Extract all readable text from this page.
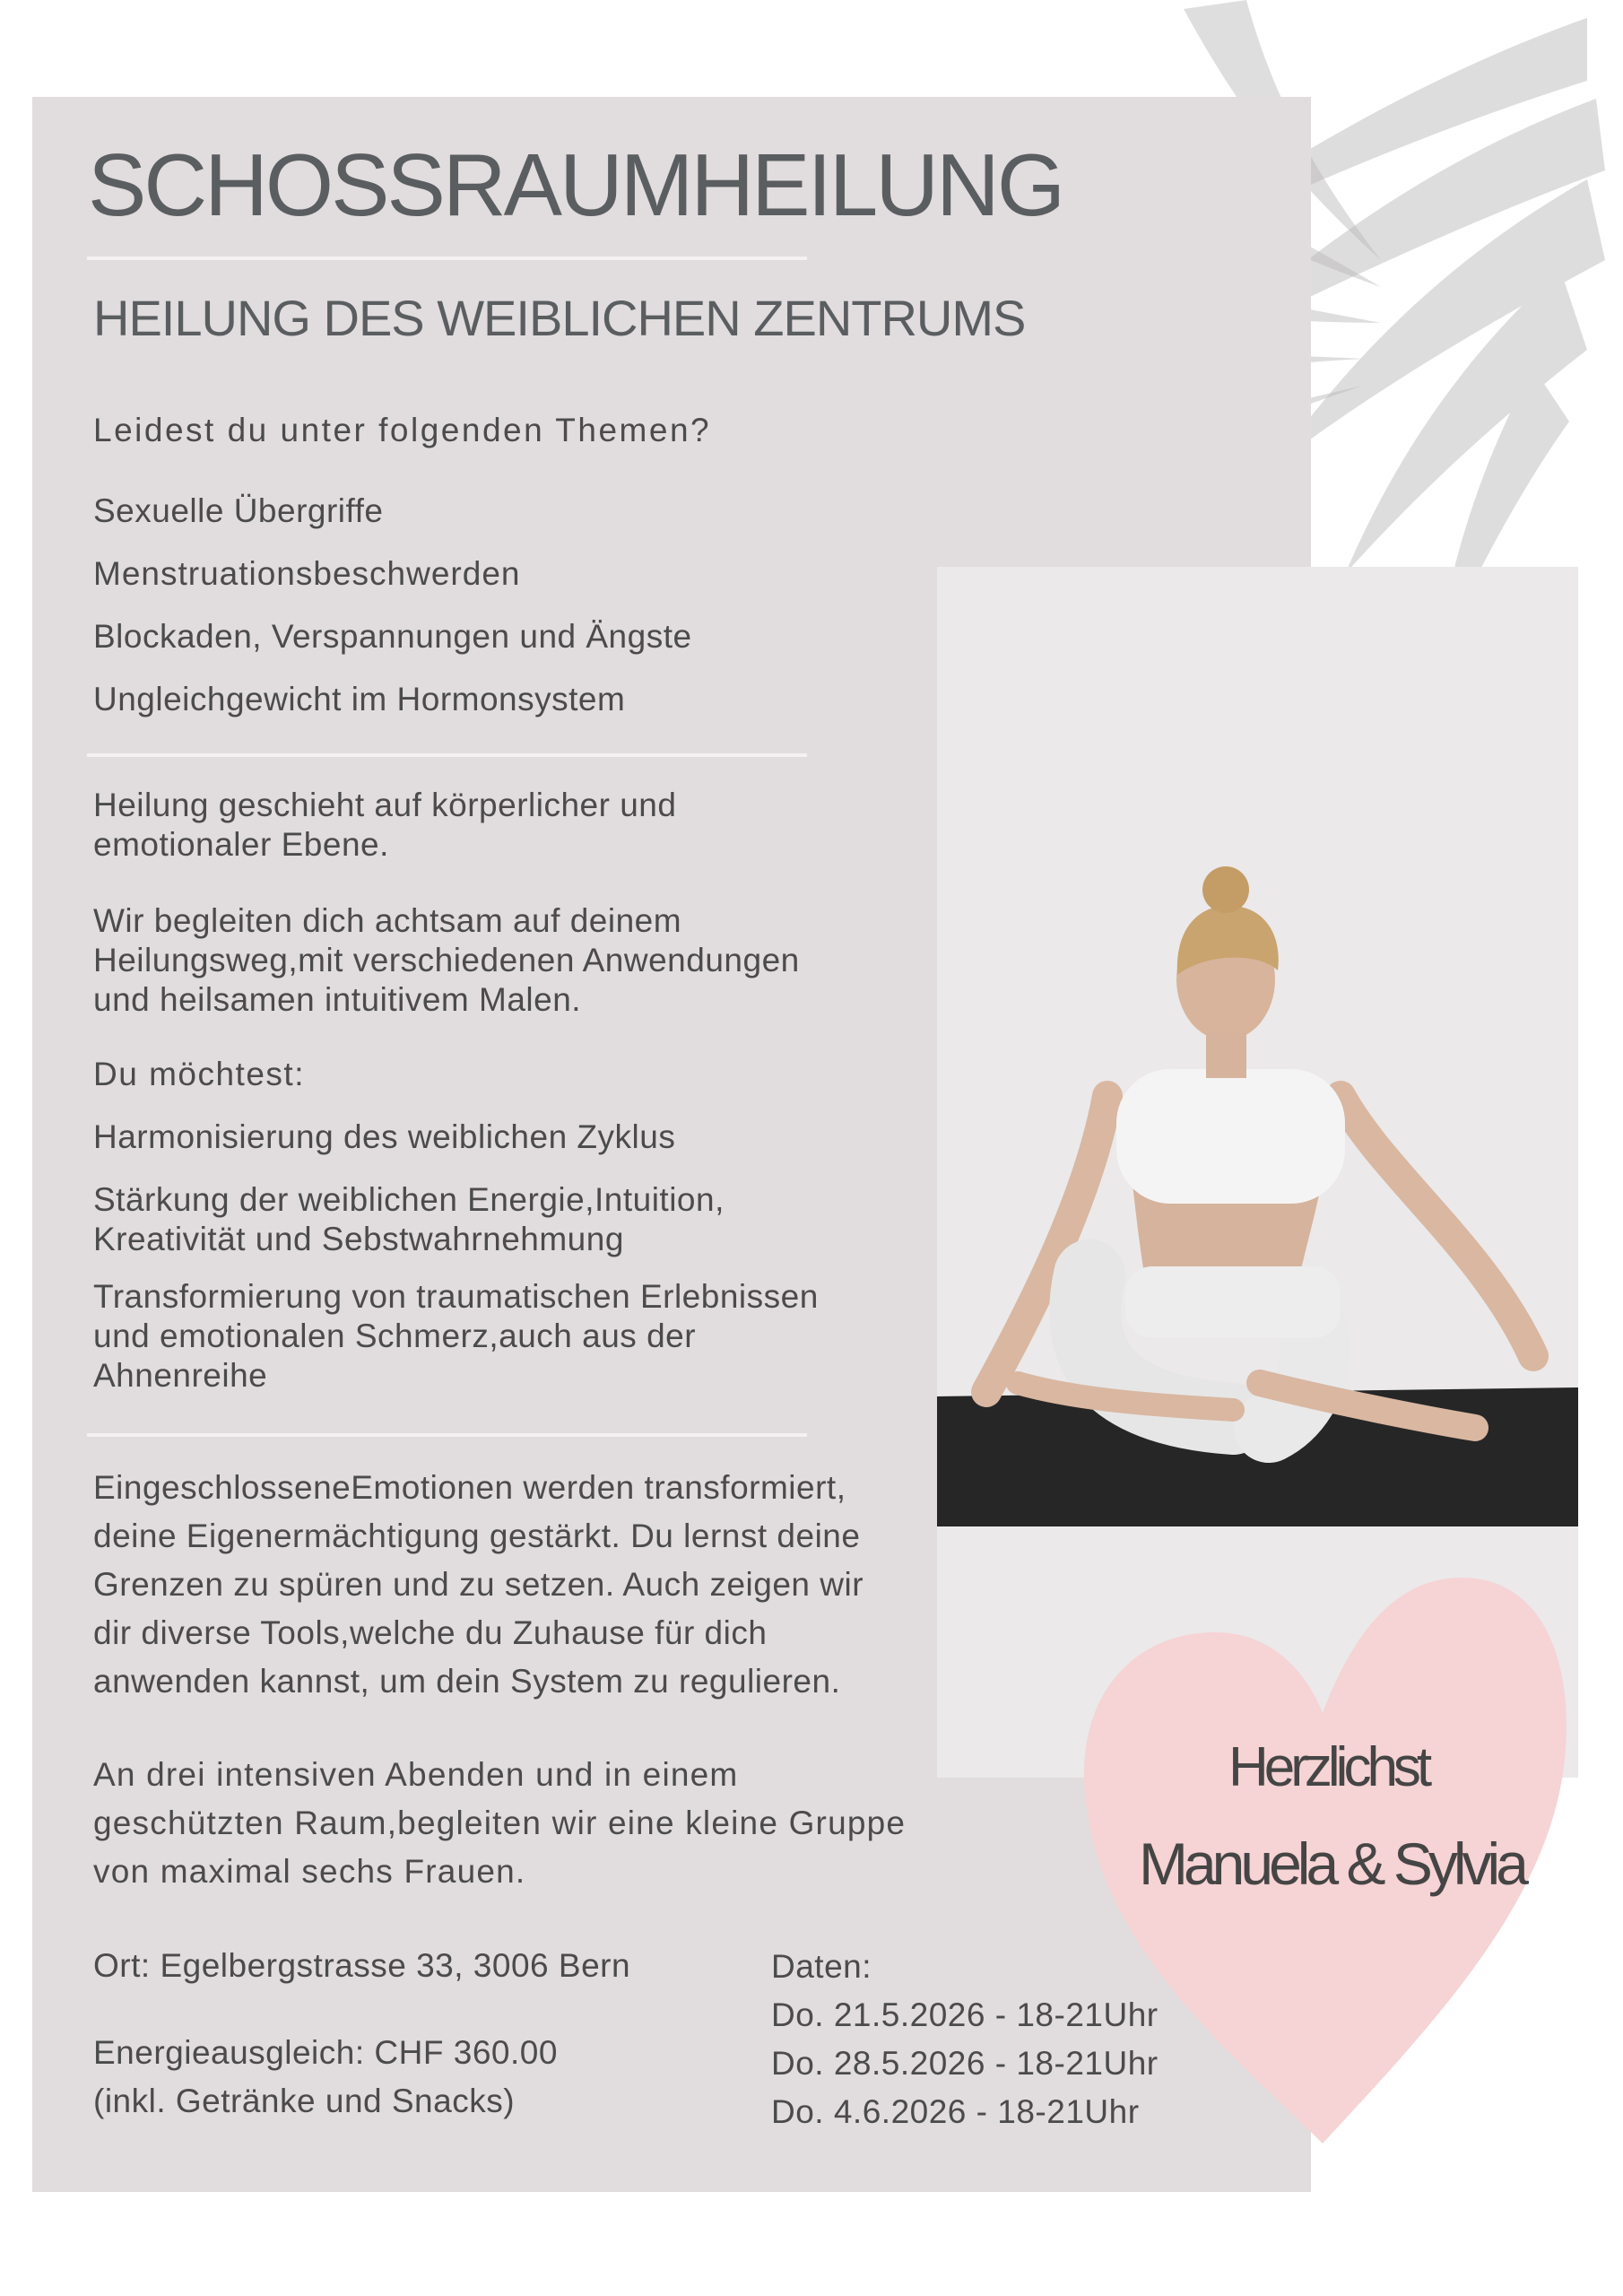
SCHOSSRAUMHEILUNG
HEILUNG DES WEIBLICHEN ZENTRUMS
Leidest du unter folgenden Themen?
Sexuelle Übergriffe
Menstruationsbeschwerden
Blockaden, Verspannungen und Ängste
Ungleichgewicht im Hormonsystem
Heilung geschieht auf körperlicher und
emotionaler Ebene.
Wir begleiten dich achtsam auf deinem
Heilungsweg,mit verschiedenen Anwendungen
und heilsamen intuitivem Malen.
Du möchtest:
Harmonisierung des weiblichen Zyklus
Stärkung der weiblichen Energie,Intuition,
Kreativität und Sebstwahrnehmung
Transformierung von traumatischen Erlebnissen
und emotionalen Schmerz,auch aus der
Ahnenreihe
EingeschlosseneEmotionen werden transformiert,
deine Eigenermächtigung gestärkt. Du lernst deine
Grenzen zu spüren und zu setzen. Auch zeigen wir
dir diverse Tools,welche du Zuhause für dich
anwenden kannst, um dein System zu regulieren.
An drei intensiven Abenden und in einem
geschützten Raum,begleiten wir eine kleine Gruppe
von maximal sechs Frauen.
Ort: Egelbergstrasse 33, 3006 Bern
Energieausgleich: CHF 360.00
(inkl. Getränke und Snacks)
Daten:
Do. 21.5.2026 - 18-21Uhr
Do. 28.5.2026 - 18-21Uhr
Do. 4.6.2026 - 18-21Uhr
Herzlichst
Manuela & Sylvia
